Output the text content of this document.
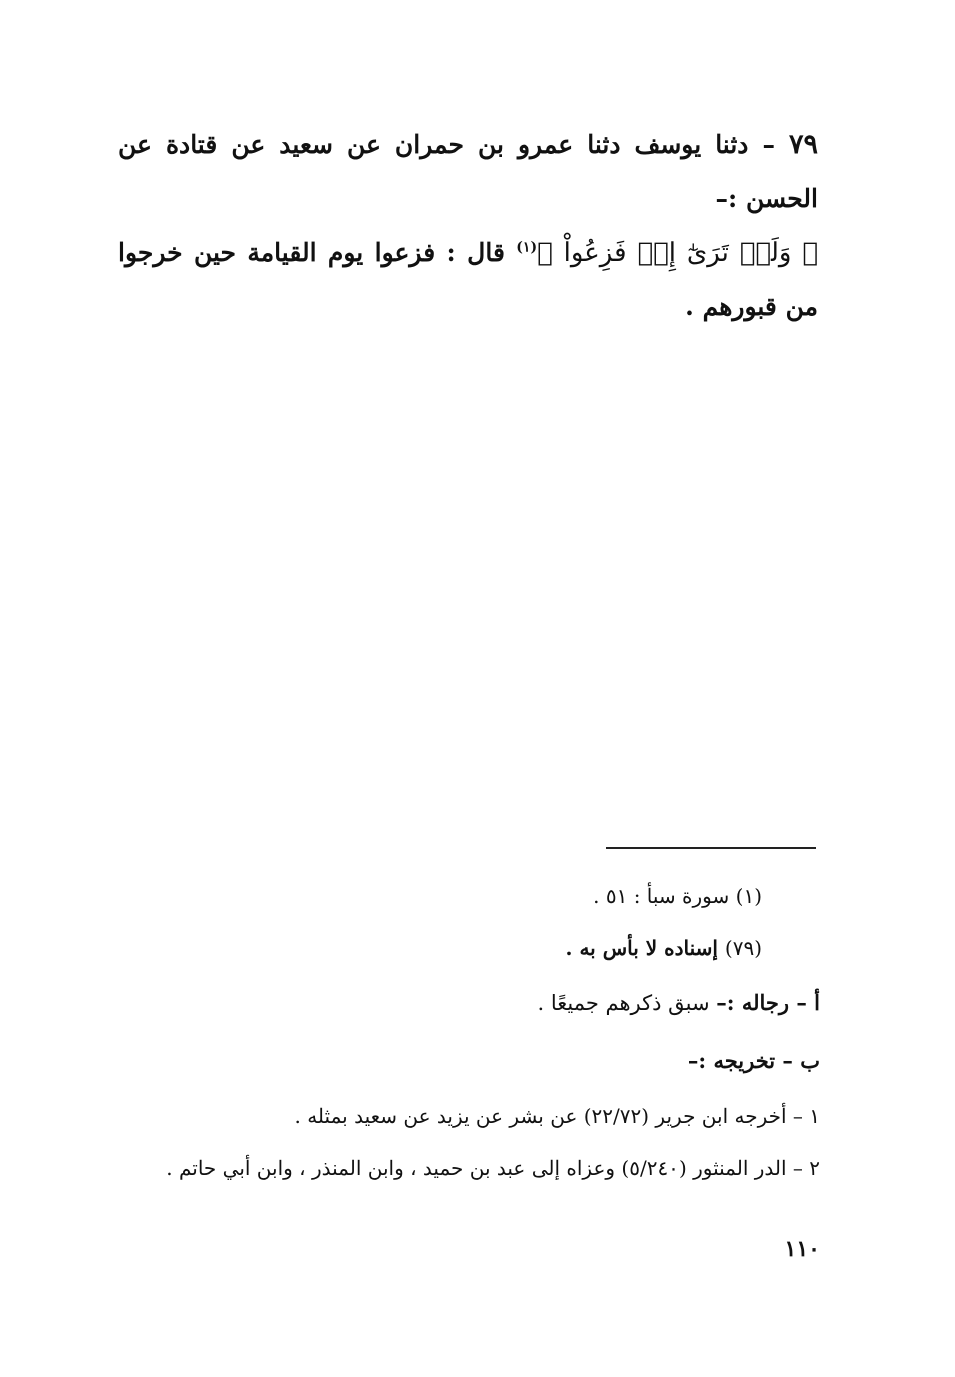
٧٩ – دثنا يوسف دثنا عمرو بن حمران عن سعيد عن قتادة عن الحسن :–
﴿ وَلَوۡ تَرَىٰٓ إِذۡ فَزِعُواْ ﴾$^{(١)}$ قال : فزعوا يوم القيامة حين خرجوا من قبورهم .
(١) سورة سبأ : ٥١ .
(٧٩) إسناده لا بأس به .
أ – رجاله :– سبق ذكرهم جميعًا .
ب – تخريجه :–
١ – أخرجه ابن جرير (٢٢/٧٢) عن بشر عن يزيد عن سعيد بمثله .
٢ – الدر المنثور (٥/٢٤٠) وعزاه إلى عبد بن حميد ، وابن المنذر ، وابن أبي حاتم .
١١٠
